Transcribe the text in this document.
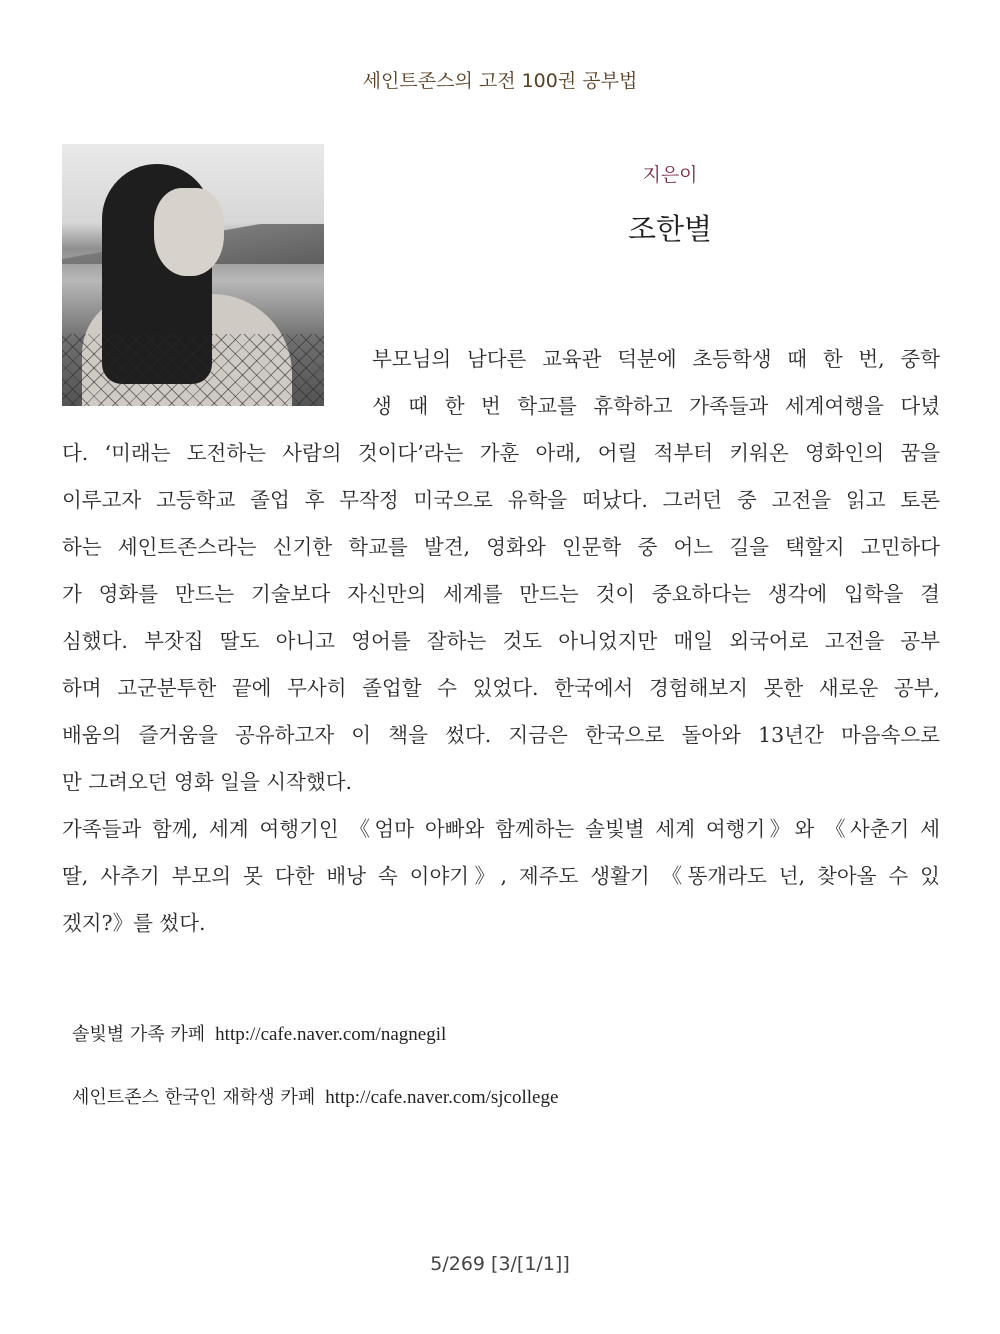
세인트존스의 고전 100권 공부법
지은이
조한별
부모님의 남다른 교육관 덕분에 초등학생 때 한 번, 중학
생 때 한 번 학교를 휴학하고 가족들과 세계여행을 다녔
다. ‘미래는 도전하는 사람의 것이다’라는 가훈 아래, 어릴 적부터 키워온 영화인의 꿈을
이루고자 고등학교 졸업 후 무작정 미국으로 유학을 떠났다. 그러던 중 고전을 읽고 토론
하는 세인트존스라는 신기한 학교를 발견, 영화와 인문학 중 어느 길을 택할지 고민하다
가 영화를 만드는 기술보다 자신만의 세계를 만드는 것이 중요하다는 생각에 입학을 결
심했다. 부잣집 딸도 아니고 영어를 잘하는 것도 아니었지만 매일 외국어로 고전을 공부
하며 고군분투한 끝에 무사히 졸업할 수 있었다. 한국에서 경험해보지 못한 새로운 공부,
배움의 즐거움을 공유하고자 이 책을 썼다. 지금은 한국으로 돌아와 13년간 마음속으로
만 그려오던 영화 일을 시작했다.
가족들과 함께, 세계 여행기인 《엄마 아빠와 함께하는 솔빛별 세계 여행기》와 《사춘기 세
딸, 사추기 부모의 못 다한 배낭 속 이야기》, 제주도 생활기 《똥개라도 넌, 찾아올 수 있
겠지?》를 썼다.
솔빛별 가족 카페 http://cafe.naver.com/nagnegil
세인트존스 한국인 재학생 카페 http://cafe.naver.com/sjcollege
5/269 [3/[1/1]]
